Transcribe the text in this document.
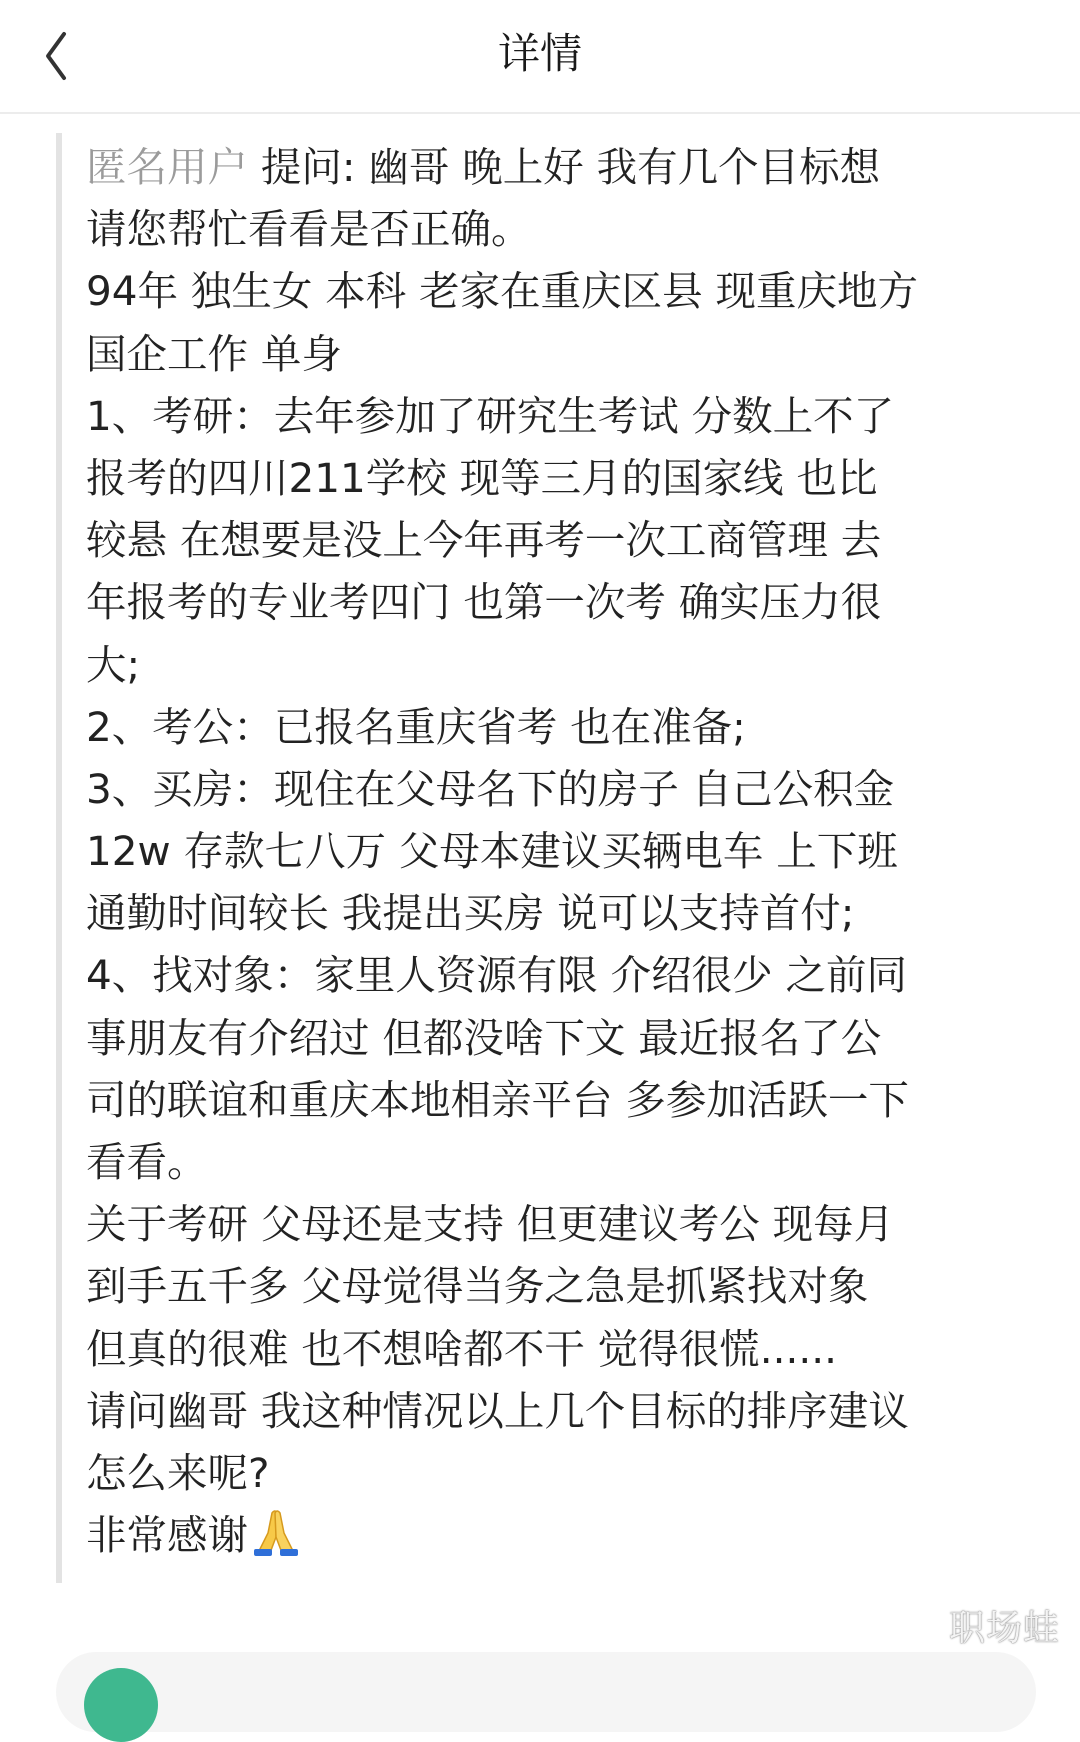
详情
匿名用户 提问: 幽哥 晚上好 我有几个目标想
请您帮忙看看是否正确。
94年 独生女 本科 老家在重庆区县 现重庆地方
国企工作 单身
1、考研：去年参加了研究生考试 分数上不了
报考的四川211学校 现等三月的国家线 也比
较悬 在想要是没上今年再考一次工商管理 去
年报考的专业考四门 也第一次考 确实压力很
大;
2、考公：已报名重庆省考 也在准备;
3、买房：现住在父母名下的房子 自己公积金
12w 存款七八万 父母本建议买辆电车 上下班
通勤时间较长 我提出买房 说可以支持首付;
4、找对象：家里人资源有限 介绍很少 之前同
事朋友有介绍过 但都没啥下文 最近报名了公
司的联谊和重庆本地相亲平台 多参加活跃一下
看看。
关于考研 父母还是支持 但更建议考公 现每月
到手五千多 父母觉得当务之急是抓紧找对象
但真的很难 也不想啥都不干 觉得很慌......
请问幽哥 我这种情况以上几个目标的排序建议
怎么来呢?
非常感谢
职场蛙
